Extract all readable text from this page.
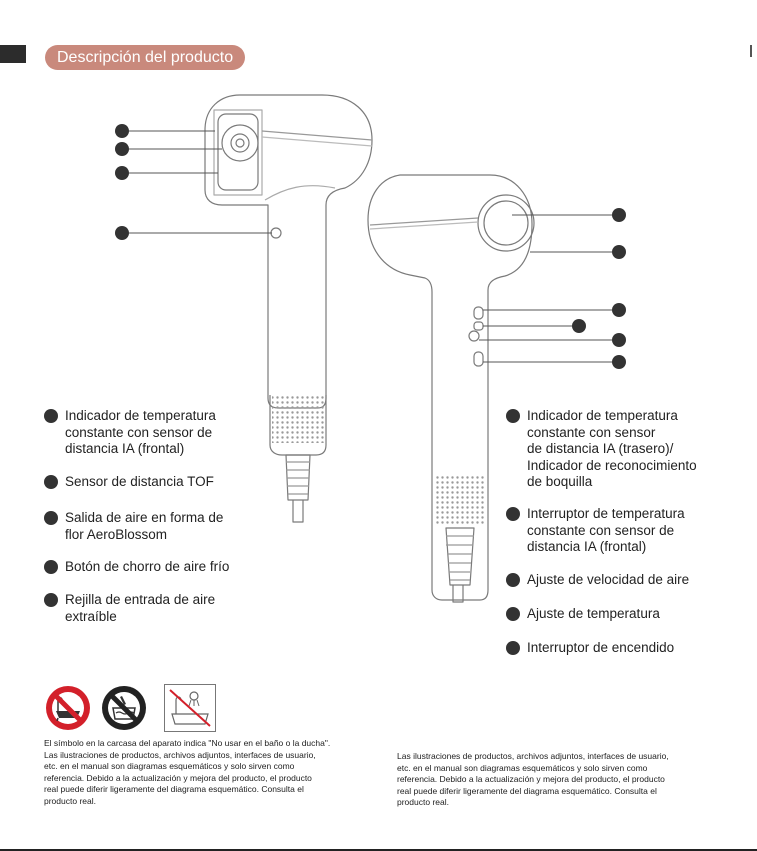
Descripción del producto
Indicador de temperatura
constante con sensor de
distancia IA (frontal)
Sensor de distancia TOF
Salida de aire en forma de
flor AeroBlossom
Botón de chorro de aire frío
Rejilla de entrada de aire
extraíble
Indicador de temperatura
constante con sensor
de distancia IA (trasero)/
Indicador de reconocimiento
de boquilla
Interruptor de temperatura
constante con sensor de
distancia IA (frontal)
Ajuste de velocidad de aire
Ajuste de temperatura
Interruptor de encendido
El símbolo en la carcasa del aparato indica "No usar en el baño o la ducha".
Las ilustraciones de productos, archivos adjuntos, interfaces de usuario,
etc. en el manual son diagramas esquemáticos y solo sirven como
referencia. Debido a la actualización y mejora del producto, el producto
real puede diferir ligeramente del diagrama esquemático. Consulta el
producto real.
Las ilustraciones de productos, archivos adjuntos, interfaces de usuario,
etc. en el manual son diagramas esquemáticos y solo sirven como
referencia. Debido a la actualización y mejora del producto, el producto
real puede diferir ligeramente del diagrama esquemático. Consulta el
producto real.
